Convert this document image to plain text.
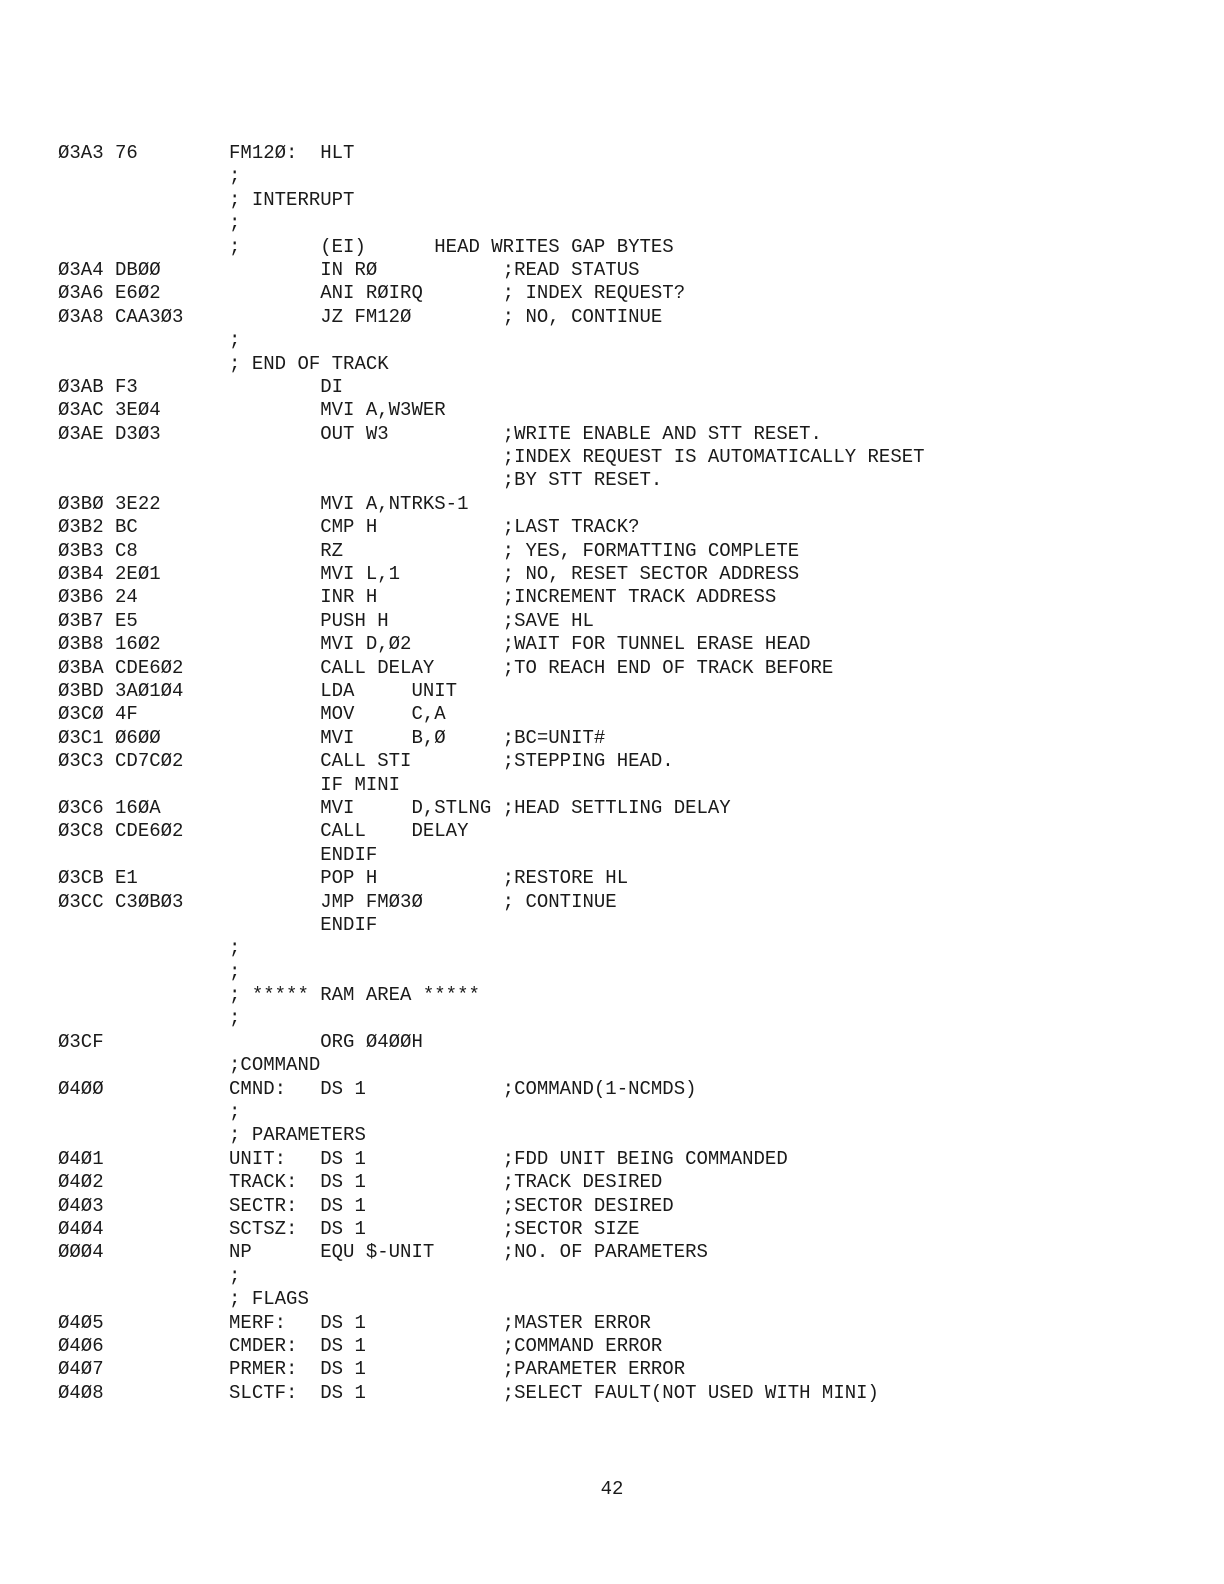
Ø3A3 76        FM12Ø:  HLT
;
; INTERRUPT
;
;       (EI)      HEAD WRITES GAP BYTES
Ø3A4 DBØØ              IN RØ           ;READ STATUS
Ø3A6 E6Ø2              ANI RØIRQ       ; INDEX REQUEST?
Ø3A8 CAA3Ø3            JZ FM12Ø        ; NO, CONTINUE
;
; END OF TRACK
Ø3AB F3                DI
Ø3AC 3EØ4              MVI A,W3WER
Ø3AE D3Ø3              OUT W3          ;WRITE ENABLE AND STT RESET.
;INDEX REQUEST IS AUTOMATICALLY RESET
;BY STT RESET.
Ø3BØ 3E22              MVI A,NTRKS-1
Ø3B2 BC                CMP H           ;LAST TRACK?
Ø3B3 C8                RZ              ; YES, FORMATTING COMPLETE
Ø3B4 2EØ1              MVI L,1         ; NO, RESET SECTOR ADDRESS
Ø3B6 24                INR H           ;INCREMENT TRACK ADDRESS
Ø3B7 E5                PUSH H          ;SAVE HL
Ø3B8 16Ø2              MVI D,Ø2        ;WAIT FOR TUNNEL ERASE HEAD
Ø3BA CDE6Ø2            CALL DELAY      ;TO REACH END OF TRACK BEFORE
Ø3BD 3AØ1Ø4            LDA     UNIT
Ø3CØ 4F                MOV     C,A
Ø3C1 Ø6ØØ              MVI     B,Ø     ;BC=UNIT#
Ø3C3 CD7CØ2            CALL STI        ;STEPPING HEAD.
IF MINI
Ø3C6 16ØA              MVI     D,STLNG ;HEAD SETTLING DELAY
Ø3C8 CDE6Ø2            CALL    DELAY
ENDIF
Ø3CB E1                POP H           ;RESTORE HL
Ø3CC C3ØBØ3            JMP FMØ3Ø       ; CONTINUE
ENDIF
;
;
; ***** RAM AREA *****
;
Ø3CF                   ORG Ø4ØØH
;COMMAND
Ø4ØØ           CMND:   DS 1            ;COMMAND(1-NCMDS)
;
; PARAMETERS
Ø4Ø1           UNIT:   DS 1            ;FDD UNIT BEING COMMANDED
Ø4Ø2           TRACK:  DS 1            ;TRACK DESIRED
Ø4Ø3           SECTR:  DS 1            ;SECTOR DESIRED
Ø4Ø4           SCTSZ:  DS 1            ;SECTOR SIZE
ØØØ4           NP      EQU $-UNIT      ;NO. OF PARAMETERS
;
; FLAGS
Ø4Ø5           MERF:   DS 1            ;MASTER ERROR
Ø4Ø6           CMDER:  DS 1            ;COMMAND ERROR
Ø4Ø7           PRMER:  DS 1            ;PARAMETER ERROR
Ø4Ø8           SLCTF:  DS 1            ;SELECT FAULT(NOT USED WITH MINI)
42
